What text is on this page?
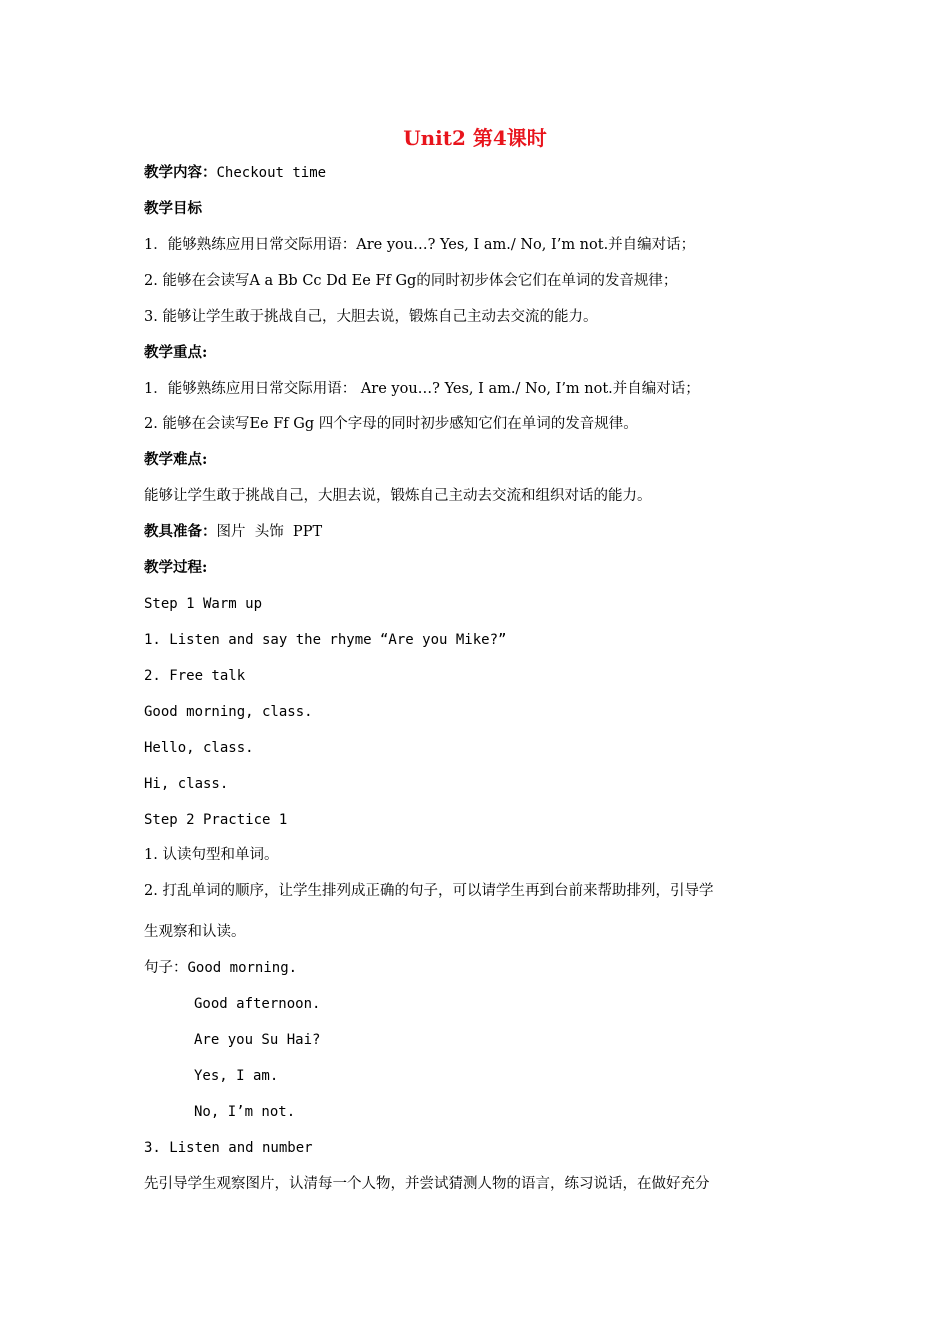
Unit2 第4课时
教学内容：Checkout time
教学目标
1．能够熟练应用日常交际用语：Are you…? Yes, I am./ No, I’m not.并自编对话；
2. 能够在会读写A a Bb Cc Dd Ee Ff Gg的同时初步体会它们在单词的发音规律；
3. 能够让学生敢于挑战自己，大胆去说，锻炼自己主动去交流的能力。
教学重点:
1．能够熟练应用日常交际用语： Are you…? Yes, I am./ No, I’m not.并自编对话；
2. 能够在会读写Ee Ff Gg 四个字母的同时初步感知它们在单词的发音规律。
教学难点:
能够让学生敢于挑战自己，大胆去说，锻炼自己主动去交流和组织对话的能力。
教具准备：图片  头饰  PPT
教学过程:
Step 1 Warm up
1. Listen and say the rhyme “Are you Mike?”
2. Free talk
Good morning, class.
Hello, class.
Hi, class.
Step 2 Practice 1
1. 认读句型和单词。
2. 打乱单词的顺序，让学生排列成正确的句子，可以请学生再到台前来帮助排列，引导学
生观察和认读。
句子：Good morning.
Good afternoon.
Are you Su Hai?
Yes, I am.
No, I’m not.
3. Listen and number
先引导学生观察图片，认清每一个人物，并尝试猜测人物的语言，练习说话，在做好充分
